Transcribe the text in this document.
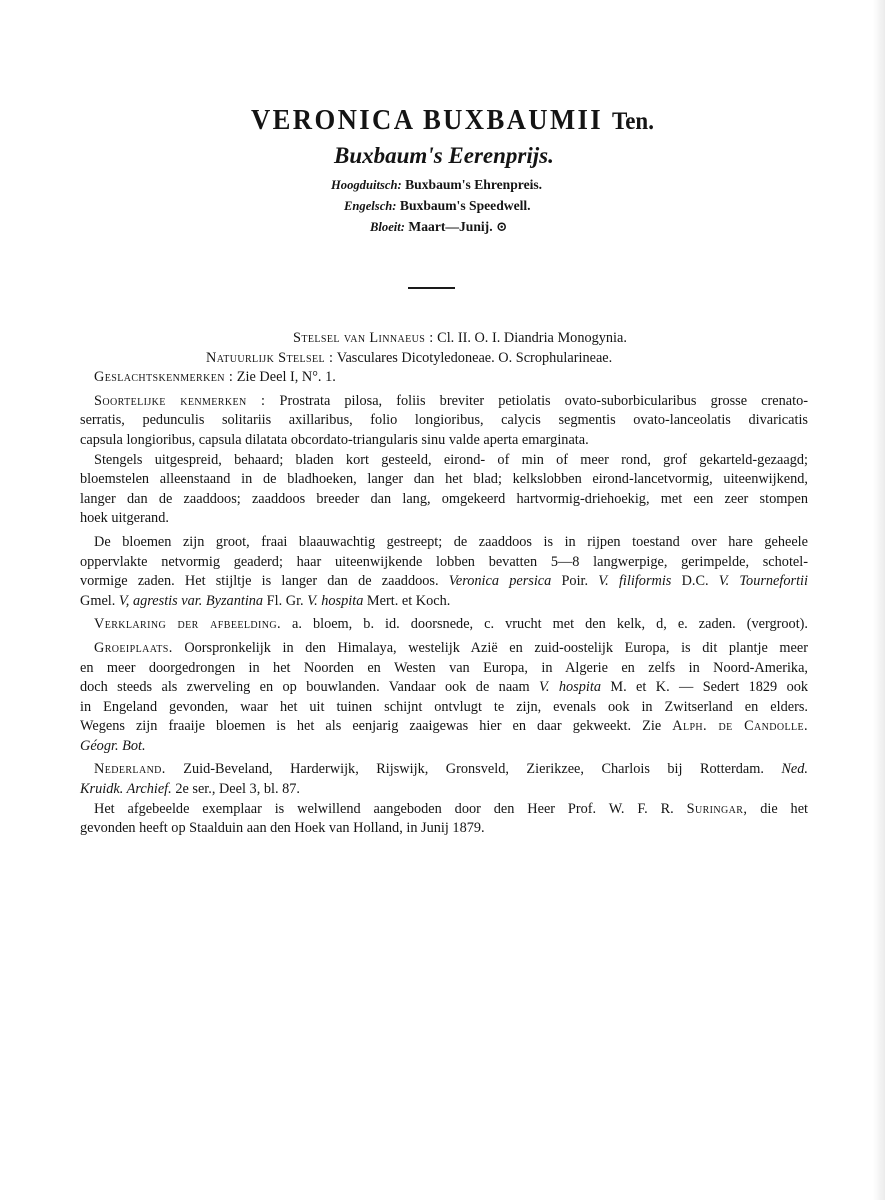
VERONICA BUXBAUMII Ten.
Buxbaum's Eerenprijs.
Hoogduitsch: Buxbaum's Ehrenpreis.
Engelsch: Buxbaum's Speedwell.
Bloeit: Maart—Junij. ⊙
Stelsel van Linnaeus : Cl. II. O. I. Diandria Monogynia.
Natuurlijk Stelsel : Vasculares Dicotyledoneae. O. Scrophularineae.
Geslachtskenmerken : Zie Deel I, N°. 1.
Soortelijke kenmerken : Prostrata pilosa, foliis breviter petiolatis ovato-suborbicularibus grosse crenato-
serratis, pedunculis solitariis axillaribus, folio longioribus, calycis segmentis ovato-lanceolatis divaricatis
capsula longioribus, capsula dilatata obcordato-triangularis sinu valde aperta emarginata.
Stengels uitgespreid, behaard; bladen kort gesteeld, eirond- of min of meer rond, grof gekarteld-gezaagd;
bloemstelen alleenstaand in de bladhoeken, langer dan het blad; kelkslobben eirond-lancetvormig, uiteenwijkend,
langer dan de zaaddoos; zaaddoos breeder dan lang, omgekeerd hartvormig-driehoekig, met een zeer stompen
hoek uitgerand.
De bloemen zijn groot, fraai blaauwachtig gestreept; de zaaddoos is in rijpen toestand over hare geheele
oppervlakte netvormig geaderd; haar uiteenwijkende lobben bevatten 5—8 langwerpige, gerimpelde, schotel-
vormige zaden. Het stijltje is langer dan de zaaddoos. Veronica persica Poir. V. filiformis D.C. V. Tournefortii
Gmel. V, agrestis var. Byzantina Fl. Gr. V. hospita Mert. et Koch.
Verklaring der afbeelding. a. bloem, b. id. doorsnede, c. vrucht met den kelk, d, e. zaden. (vergroot).
Groeiplaats. Oorspronkelijk in den Himalaya, westelijk Azië en zuid-oostelijk Europa, is dit plantje meer
en meer doorgedrongen in het Noorden en Westen van Europa, in Algerie en zelfs in Noord-Amerika,
doch steeds als zwerveling en op bouwlanden. Vandaar ook de naam V. hospita M. et K. — Sedert 1829 ook
in Engeland gevonden, waar het uit tuinen schijnt ontvlugt te zijn, evenals ook in Zwitserland en elders.
Wegens zijn fraaije bloemen is het als eenjarig zaaigewas hier en daar gekweekt. Zie Alph. de Candolle.
Géogr. Bot.
Nederland. Zuid-Beveland, Harderwijk, Rijswijk, Gronsveld, Zierikzee, Charlois bij Rotterdam. Ned.
Kruidk. Archief. 2e ser., Deel 3, bl. 87.
Het afgebeelde exemplaar is welwillend aangeboden door den Heer Prof. W. F. R. Suringar, die het
gevonden heeft op Staalduin aan den Hoek van Holland, in Junij 1879.
